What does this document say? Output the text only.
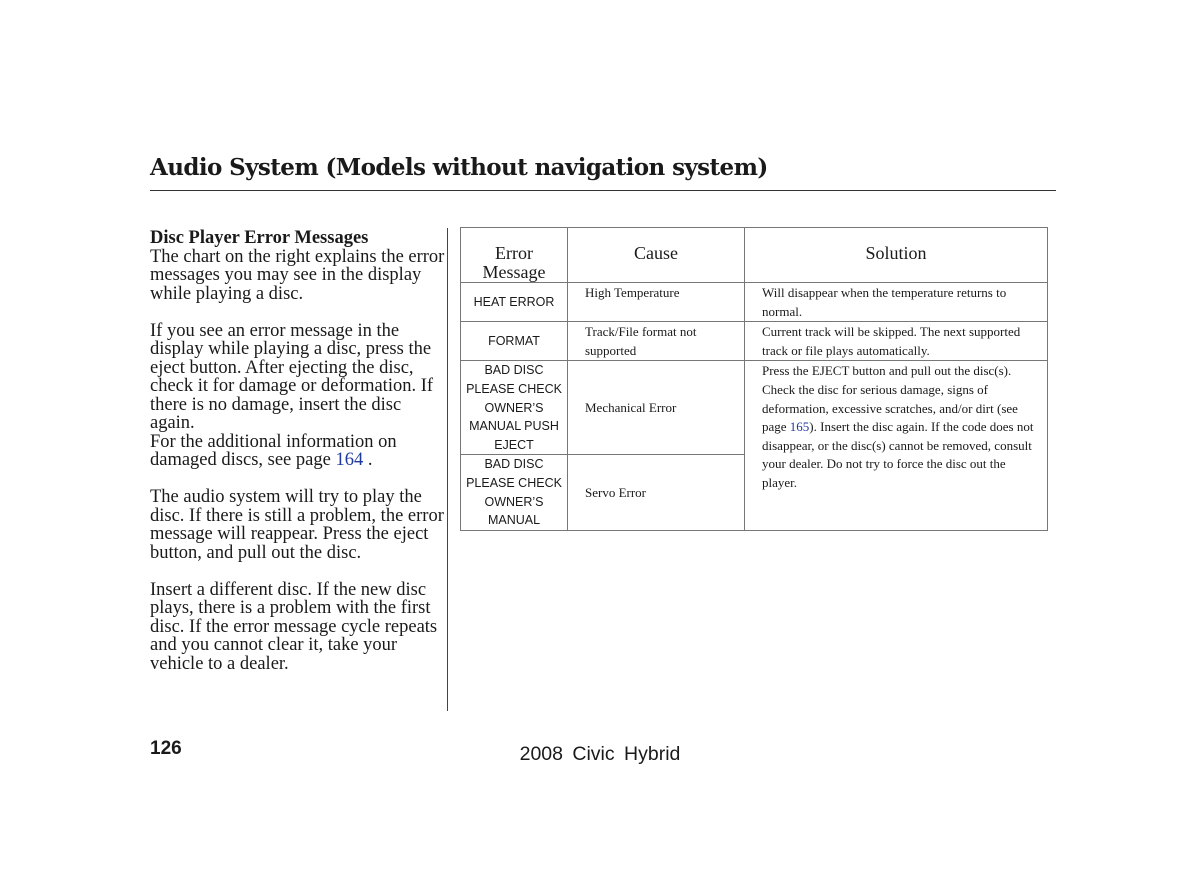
Audio System (Models without navigation system)

Disc Player Error Messages

The chart on the right explains the error messages you may see in the display while playing a disc.

If you see an error message in the display while playing a disc, press the eject button. After ejecting the disc, check it for damage or deformation. If there is no damage, insert the disc again.

For the additional information on damaged discs, see page 164 .

The audio system will try to play the disc. If there is still a problem, the error message will reappear. Press the eject button, and pull out the disc.

Insert a different disc. If the new disc plays, there is a problem with the first disc. If the error message cycle repeats and you cannot clear it, take your vehicle to a dealer.

Error Message	Cause	Solution
HEAT ERROR	High Temperature	Will disappear when the temperature returns to normal.
FORMAT	Track/File format not supported	Current track will be skipped. The next supported track or file plays automatically.
BAD DISC PLEASE CHECK OWNER’S MANUAL PUSH EJECT	Mechanical Error	Press the EJECT button and pull out the disc(s). Check the disc for serious damage, signs of deformation, excessive scratches, and/or dirt (see page 165). Insert the disc again. If the code does not disappear, or the disc(s) cannot be removed, consult your dealer. Do not try to force the disc out the player.
BAD DISC PLEASE CHECK OWNER’S MANUAL	Servo Error	
126	2008 Civic Hybrid
